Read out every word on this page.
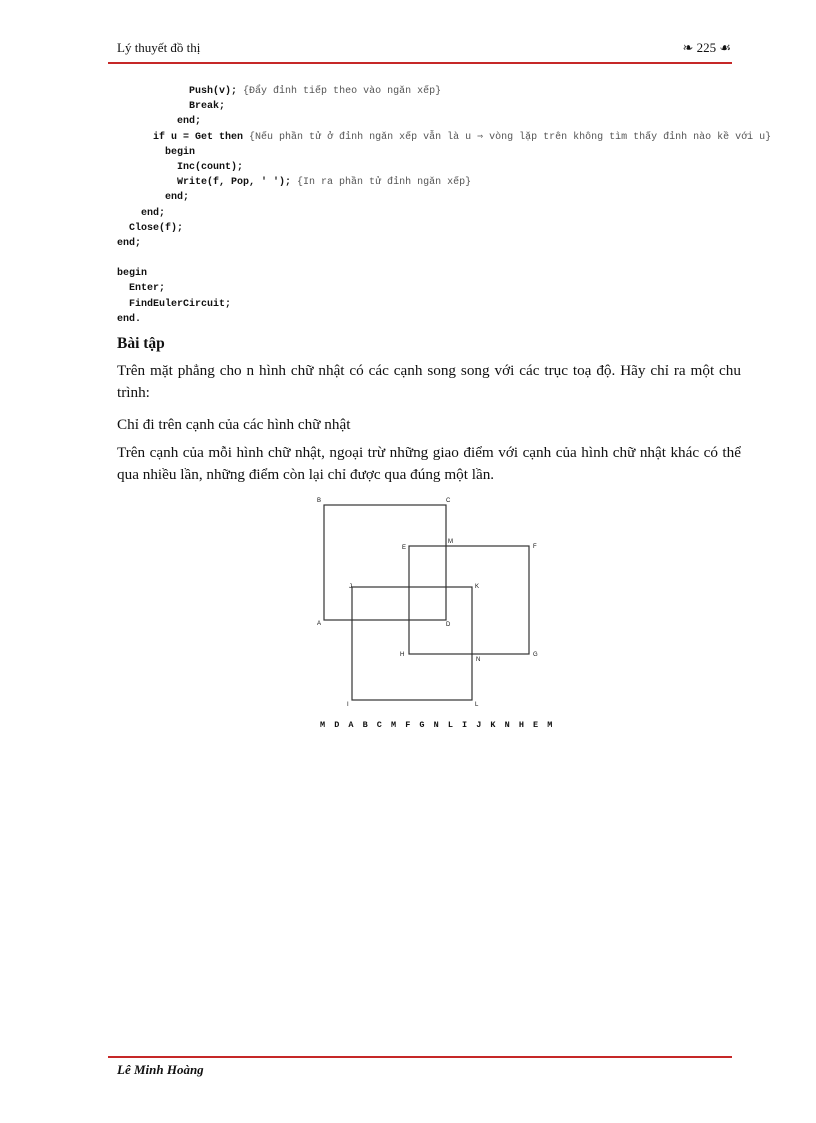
Lý thuyết đồ thị	❧ 225 ☙
Push(v); {Đẩy đỉnh tiếp theo vào ngăn xếp}
Break;
end;
if u = Get then {Nếu phần tử ở đỉnh ngăn xếp vẫn là u ⇒ vòng lặp trên không tìm thấy đỉnh nào kề với u}
begin
Inc(count);
Write(f, Pop, ' '); {In ra phần tử đỉnh ngăn xếp}
end;
end;
Close(f);
end;
begin
Enter;
FindEulerCircuit;
end.
Bài tập
Trên mặt phẳng cho n hình chữ nhật có các cạnh song song với các trục toạ độ. Hãy chỉ ra một chu trình:
Chỉ đi trên cạnh của các hình chữ nhật
Trên cạnh của mỗi hình chữ nhật, ngoại trừ những giao điểm với cạnh của hình chữ nhật khác có thể qua nhiều lần, những điểm còn lại chỉ được qua đúng một lần.
B	C
E
M
F
J	K
A	D
H
N
G
I	L
M D A B C M F G N L I J K N H E M
Lê Minh Hoàng
